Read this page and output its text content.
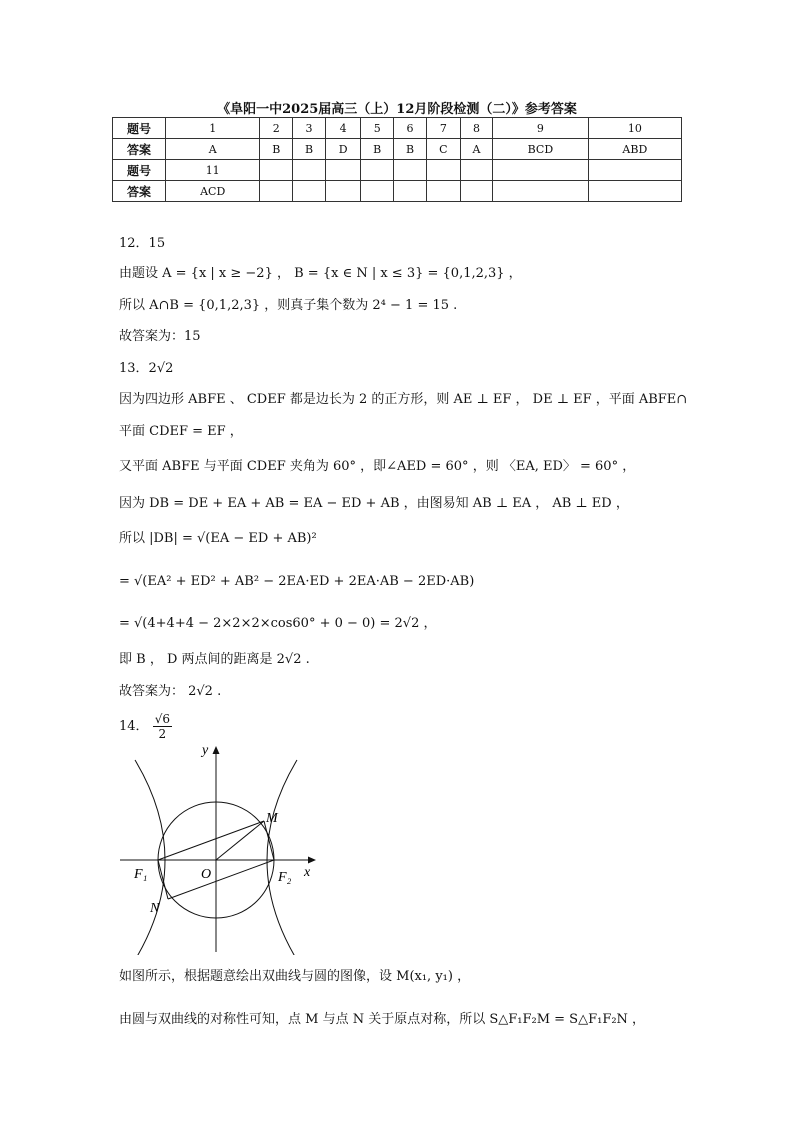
《阜阳一中2025届高三（上）12月阶段检测（二）》参考答案
题号	1	2	3	4	5	6	7	8	9	10
答案	A	B	B	D	B	B	C	A	BCD	ABD
题号	11									
答案	ACD									
12．15
由题设 A = {x | x ≥ −2} ， B = {x ∈ N | x ≤ 3} = {0,1,2,3} ，
所以 A∩B = {0,1,2,3} ，则真子集个数为 2⁴ − 1 = 15 .
故答案为：15
13．2√2
因为四边形 ABFE 、 CDEF 都是边长为 2 的正方形，则 AE ⊥ EF ， DE ⊥ EF ，平面 ABFE∩
平面 CDEF = EF ，
又平面 ABFE 与平面 CDEF 夹角为 60° ，即∠AED = 60° ，则 〈EA, ED〉 = 60° ，
因为 DB = DE + EA + AB = EA − ED + AB ，由图易知 AB ⊥ EA ， AB ⊥ ED ，
所以 |DB| = √(EA − ED + AB)²
= √(EA² + ED² + AB² − 2EA·ED + 2EA·AB − 2ED·AB)
= √(4+4+4 − 2×2×2×cos60° + 0 − 0) = 2√2 ，
即 B ， D 两点间的距离是 2√2 .
故答案为： 2√2 .
14． $\frac{√6}{2}$
y
x
M
O
F₁	F₂
N
如图所示，根据题意绘出双曲线与圆的图像，设 M(x₁, y₁) ，
由圆与双曲线的对称性可知，点 M 与点 N 关于原点对称，所以 S△F₁F₂M = S△F₁F₂N ，
